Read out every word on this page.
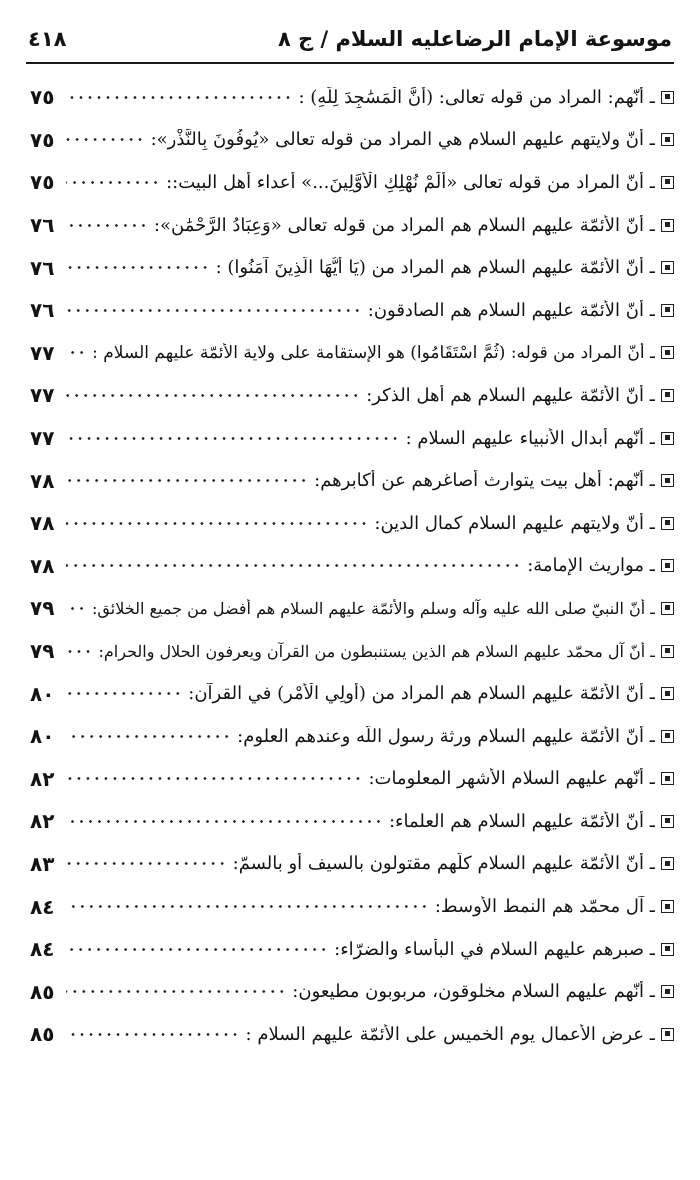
٤١٨	موسوعة الإمام الرضاعليه السلام / ج ٨
ـ أنّهم: المراد من قوله تعالى: (أَنَّ الْمَسَٰجِدَ لِلَّهِ) :
٧٥
ـ أنّ ولايتهم عليهم السلام هي المراد من قوله تعالى «يُوفُونَ بِالنَّذْرِ»:
٧٥
ـ أنّ المراد من قوله تعالى «أَلَمْ نُهْلِكِ الْأَوَّلِينَ...» أعداء أهل البيت::
٧٥
ـ أنّ الأئمّة عليهم السلام هم المراد من قوله تعالى «وَعِبَادُ الرَّحْمَٰنِ»:
٧٦
ـ أنّ الأئمّة عليهم السلام هم المراد من (يَا أَيُّهَا الَّذِينَ آمَنُوا) :
٧٦
ـ أنّ الأئمّة عليهم السلام هم الصادقون:
٧٦
ـ أنّ المراد من قوله: (ثُمَّ اسْتَقَامُوا) هو الإستقامة على ولاية الأئمّة عليهم السلام :
٧٧
ـ أنّ الأئمّة عليهم السلام هم أهل الذكر:
٧٧
ـ أنّهم أبدال الأنبياء عليهم السلام :
٧٧
ـ أنّهم: أهل بيت يتوارث أصاغرهم عن أكابرهم:
٧٨
ـ أنّ ولايتهم عليهم السلام كمال الدين:
٧٨
ـ مواريث الإمامة:
٧٨
ـ أنّ النبيّ صلى الله عليه وآله وسلم والأئمّة عليهم السلام هم أفضل من جميع الخلائق:
٧٩
ـ أنّ آل محمّد عليهم السلام هم الذين يستنبطون من القرآن ويعرفون الحلال والحرام:
٧٩
ـ أنّ الأئمّة عليهم السلام هم المراد من (أُولِي الْأَمْرِ) في القرآن:
٨٠
ـ أنّ الأئمّة عليهم السلام ورثة رسول اللّه وعندهم العلوم:
٨٠
ـ أنّهم عليهم السلام الأشهر المعلومات:
٨٢
ـ أنّ الأئمّة عليهم السلام هم العلماء:
٨٢
ـ أنّ الأئمّة عليهم السلام كلّهم مقتولون بالسيف أو بالسمّ:
٨٣
ـ آل محمّد هم النمط الأوسط:
٨٤
ـ صبرهم عليهم السلام في البأساء والضرّاء:
٨٤
ـ أنّهم عليهم السلام مخلوقون، مربوبون مطيعون:
٨٥
ـ عرض الأعمال يوم الخميس على الأئمّة عليهم السلام :
٨٥
